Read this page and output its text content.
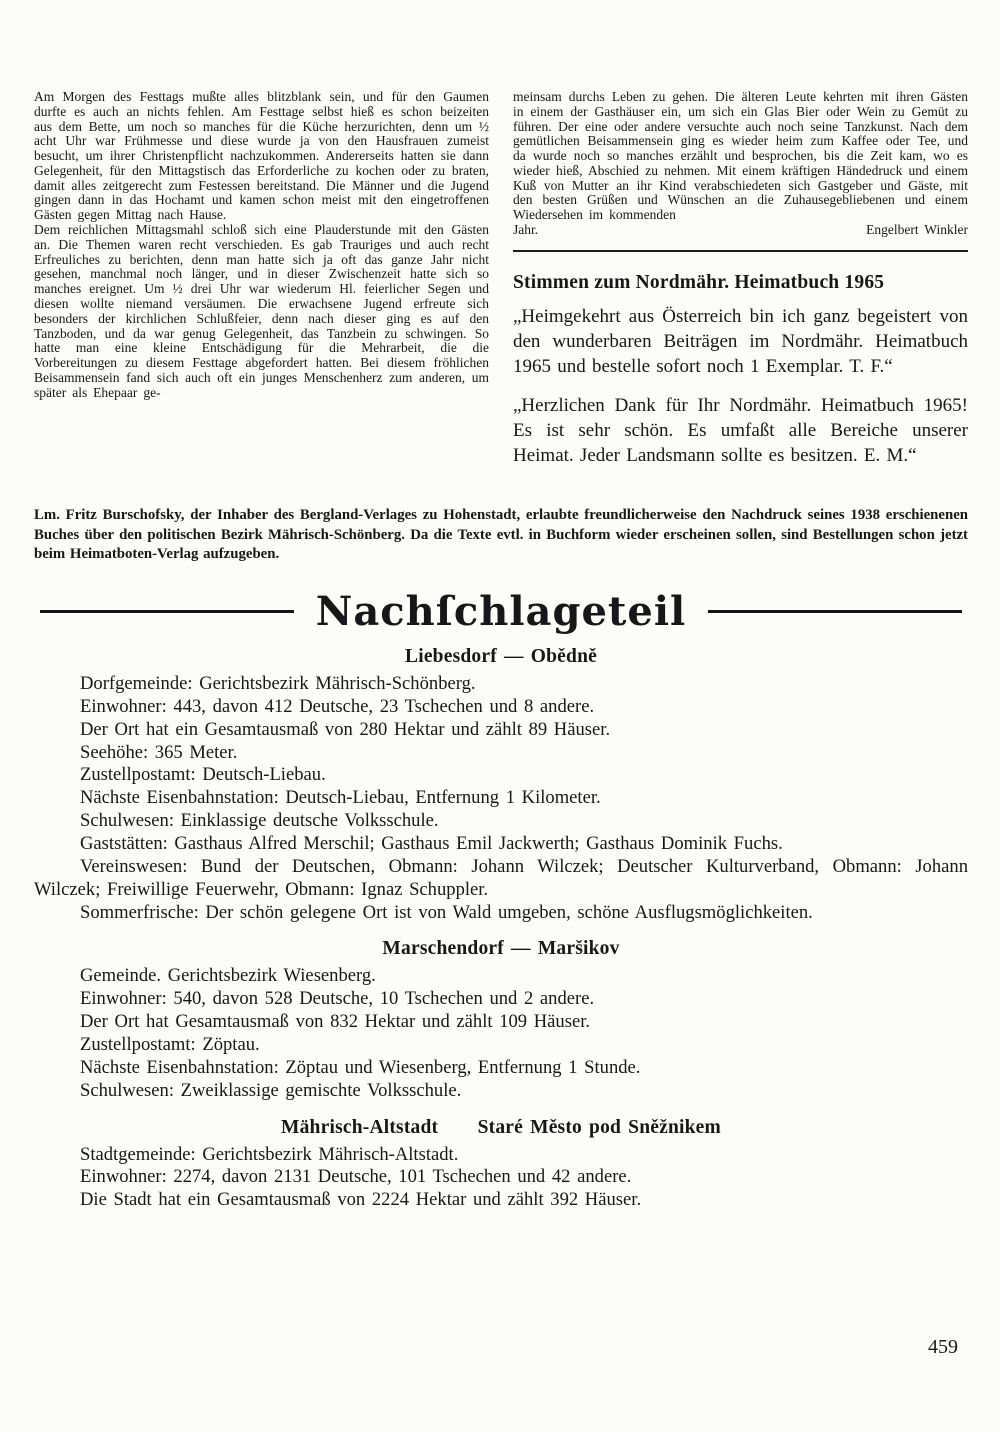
Am Morgen des Festtags mußte alles blitzblank sein, und für den Gaumen durfte es auch an nichts fehlen. Am Festtage selbst hieß es schon beizeiten aus dem Bette, um noch so manches für die Küche herzurichten, denn um ½ acht Uhr war Frühmesse und diese wurde ja von den Hausfrauen zumeist besucht, um ihrer Christenpflicht nachzukommen. Andererseits hatten sie dann Gelegenheit, für den Mittagstisch das Erforderliche zu kochen oder zu braten, damit alles zeitgerecht zum Festessen bereitstand. Die Männer und die Jugend gingen dann in das Hochamt und kamen schon meist mit den eingetroffenen Gästen gegen Mittag nach Hause.

Dem reichlichen Mittagsmahl schloß sich eine Plauderstunde mit den Gästen an. Die Themen waren recht verschieden. Es gab Trauriges und auch recht Erfreuliches zu berichten, denn man hatte sich ja oft das ganze Jahr nicht gesehen, manchmal noch länger, und in dieser Zwischenzeit hatte sich so manches ereignet. Um ½ drei Uhr war wiederum Hl. feierlicher Segen und diesen wollte niemand versäumen. Die erwachsene Jugend erfreute sich besonders der kirchlichen Schlußfeier, denn nach dieser ging es auf den Tanzboden, und da war genug Gelegenheit, das Tanzbein zu schwingen. So hatte man eine kleine Entschädigung für die Mehrarbeit, die die Vorbereitungen zu diesem Festtage abgefordert hatten. Bei diesem fröhlichen Beisammensein fand sich auch oft ein junges Menschenherz zum anderen, um später als Ehepaar ge-

meinsam durchs Leben zu gehen. Die älteren Leute kehrten mit ihren Gästen in einem der Gasthäuser ein, um sich ein Glas Bier oder Wein zu Gemüt zu führen. Der eine oder andere versuchte auch noch seine Tanzkunst. Nach dem gemütlichen Beisammensein ging es wieder heim zum Kaffee oder Tee, und da wurde noch so manches erzählt und besprochen, bis die Zeit kam, wo es wieder hieß, Abschied zu nehmen. Mit einem kräftigen Händedruck und einem Kuß von Mutter an ihr Kind verabschiedeten sich Gastgeber und Gäste, mit den besten Grüßen und Wünschen an die Zuhausegebliebenen und einem Wiedersehen im kommenden

Jahr.	Engelbert Winkler
Stimmen zum Nordmähr. Heimatbuch 1965

„Heimgekehrt aus Österreich bin ich ganz begeistert von den wunderbaren Beiträgen im Nordmähr. Heimatbuch 1965 und bestelle sofort noch 1 Exemplar. T. F.“

„Herzlichen Dank für Ihr Nordmähr. Heimatbuch 1965! Es ist sehr schön. Es umfaßt alle Bereiche unserer Heimat. Jeder Landsmann sollte es besitzen. E. M.“

Lm. Fritz Burschofsky, der Inhaber des Bergland-Verlages zu Hohenstadt, erlaubte freundlicherweise den Nachdruck seines 1938 erschienenen Buches über den politischen Bezirk Mährisch-Schönberg. Da die Texte evtl. in Buchform wieder erscheinen sollen, sind Bestellungen schon jetzt beim Heimatboten-Verlag aufzugeben.

Nachſchlageteil
Liebesdorf — Obědně

Dorfgemeinde: Gerichtsbezirk Mährisch-Schönberg.

Einwohner: 443, davon 412 Deutsche, 23 Tschechen und 8 andere.

Der Ort hat ein Gesamtausmaß von 280 Hektar und zählt 89 Häuser.

Seehöhe: 365 Meter.

Zustellpostamt: Deutsch-Liebau.

Nächste Eisenbahnstation: Deutsch-Liebau, Entfernung 1 Kilometer.

Schulwesen: Einklassige deutsche Volksschule.

Gaststätten: Gasthaus Alfred Merschil; Gasthaus Emil Jackwerth; Gasthaus Dominik Fuchs.

Vereinswesen: Bund der Deutschen, Obmann: Johann Wilczek; Deutscher Kulturverband, Obmann: Johann Wilczek; Freiwillige Feuerwehr, Obmann: Ignaz Schuppler.

Sommerfrische: Der schön gelegene Ort ist von Wald umgeben, schöne Ausflugsmöglichkeiten.

Marschendorf — Maršikov

Gemeinde. Gerichtsbezirk Wiesenberg.

Einwohner: 540, davon 528 Deutsche, 10 Tschechen und 2 andere.

Der Ort hat Gesamtausmaß von 832 Hektar und zählt 109 Häuser.

Zustellpostamt: Zöptau.

Nächste Eisenbahnstation: Zöptau und Wiesenberg, Entfernung 1 Stunde.

Schulwesen: Zweiklassige gemischte Volksschule.

Mährisch-Altstadt  Staré Město pod Sněžnikem

Stadtgemeinde: Gerichtsbezirk Mährisch-Altstadt.

Einwohner: 2274, davon 2131 Deutsche, 101 Tschechen und 42 andere.

Die Stadt hat ein Gesamtausmaß von 2224 Hektar und zählt 392 Häuser.

459
